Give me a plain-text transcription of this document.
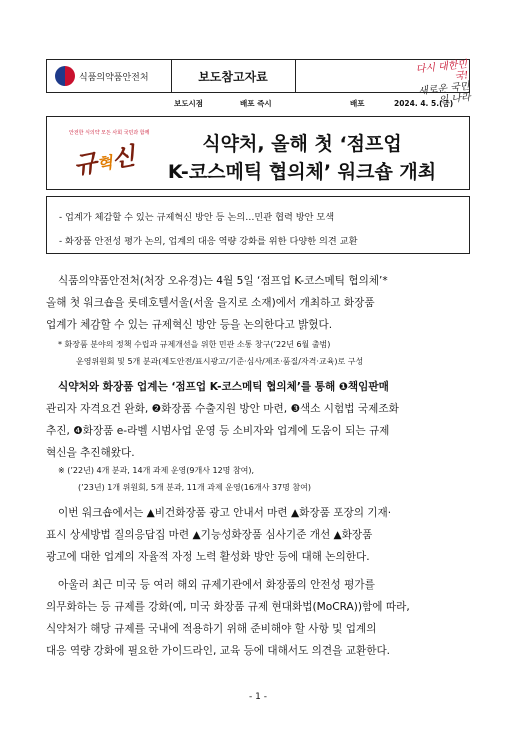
식품의약품안전처	보도참고자료
다시 대한민국!
새로운 국민의 나라
보도시점	배포 즉시	배포	2024. 4. 5.(금)
안전한 식의약 모든 사회 국민과 함께
규혁신	식약처, 올해 첫 ‘점프업
K-코스메틱 협의체’ 워크숍 개최
- 업계가 체감할 수 있는 규제혁신 방안 등 논의…민관 협력 방안 모색
- 화장품 안전성 평가 논의, 업계의 대응 역량 강화를 위한 다양한 의견 교환
식품의약품안전처(처장 오유경)는 4월 5일 ‘점프업 K-코스메틱 협의체’*
올해 첫 워크숍을 롯데호텔서울(서울 을지로 소재)에서 개최하고 화장품
업계가 체감할 수 있는 규제혁신 방안 등을 논의한다고 밝혔다.
* 화장품 분야의 정책 수립과 규제개선을 위한 민관 소통 창구(’22년 6월 출범)
운영위원회 및 5개 분과(제도안전/표시광고/기준·심사/제조·품질/자격·교육)로 구성
식약처와 화장품 업계는 ‘점프업 K-코스메틱 협의체’를 통해 ❶책임판매
관리자 자격요건 완화, ❷화장품 수출지원 방안 마련, ❸색소 시험법 국제조화
추진, ❹화장품 e-라벨 시범사업 운영 등 소비자와 업계에 도움이 되는 규제
혁신을 추진해왔다.
※ (’22년) 4개 분과, 14개 과제 운영(9개사 12명 참여),
(’23년) 1개 위원회, 5개 분과, 11개 과제 운영(16개사 37명 참여)
이번 워크숍에서는 ▲비건화장품 광고 안내서 마련 ▲화장품 포장의 기재·
표시 상세방법 질의응답집 마련 ▲기능성화장품 심사기준 개선 ▲화장품
광고에 대한 업계의 자율적 자정 노력 활성화 방안 등에 대해 논의한다.
아울러 최근 미국 등 여러 해외 규제기관에서 화장품의 안전성 평가를
의무화하는 등 규제를 강화(예, 미국 화장품 규제 현대화법(MoCRA))함에 따라,
식약처가 해당 규제를 국내에 적용하기 위해 준비해야 할 사항 및 업계의
대응 역량 강화에 필요한 가이드라인, 교육 등에 대해서도 의견을 교환한다.
- 1 -
